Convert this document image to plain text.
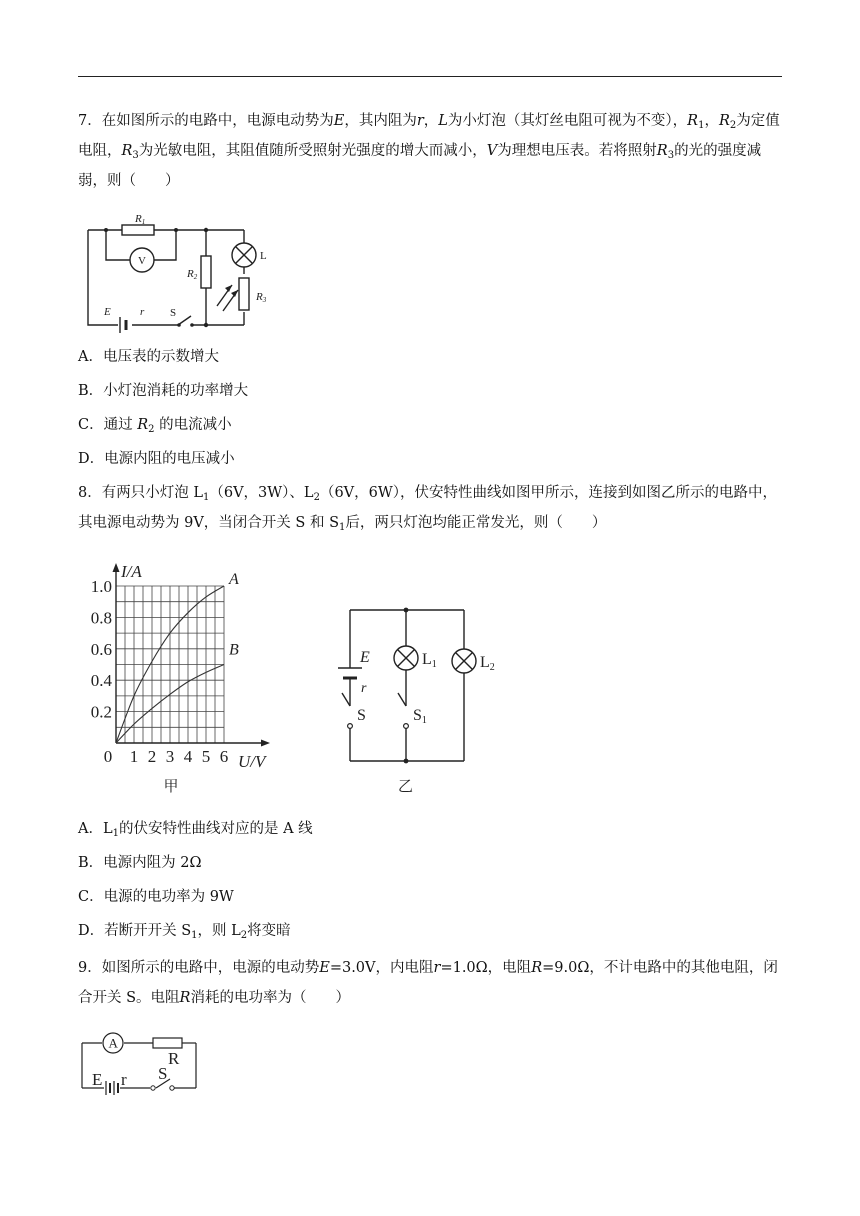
7．在如图所示的电路中，电源电动势为E，其内阻为r，L为小灯泡（其灯丝电阻可视为不变），$R_1$，$R_2$为定值电阻，$R_3$为光敏电阻，其阻值随所受照射光强度的增大而减小，V为理想电压表。若将照射$R_3$的光的强度减弱，则（　　）
R1
R2
R3
E	r
V	L
S
A．电压表的示数增大
B．小灯泡消耗的功率增大
C．通过 $R_2$ 的电流减小
D．电源内阻的电压减小
8．有两只小灯泡 $L_1(6V$，3W）、$L_2(6V$，6W），伏安特性曲线如图甲所示，连接到如图乙所示的电路中，其电源电动势为 9V，当闭合开关 S 和 $S_1$后，两只灯泡均能正常发光，则（　　）
1.0
0.8
0.6
0.4
0.2
0 1 2 3 4 5 6
I/A
U/V
A
B
甲
E
r
S	S1
L1	L2
乙
A．$L_1$的伏安特性曲线对应的是 A 线
B．电源内阻为 2Ω
C．电源的电功率为 9W
D．若断开开关 $S_1$，则 $L_2$将变暗
9．如图所示的电路中，电源的电动势E=3.0V，内电阻r=1.0Ω，电阻R=9.0Ω，不计电路中的其他电阻，闭合开关 S。电阻R消耗的电功率为（　　）
A
R
E r S
